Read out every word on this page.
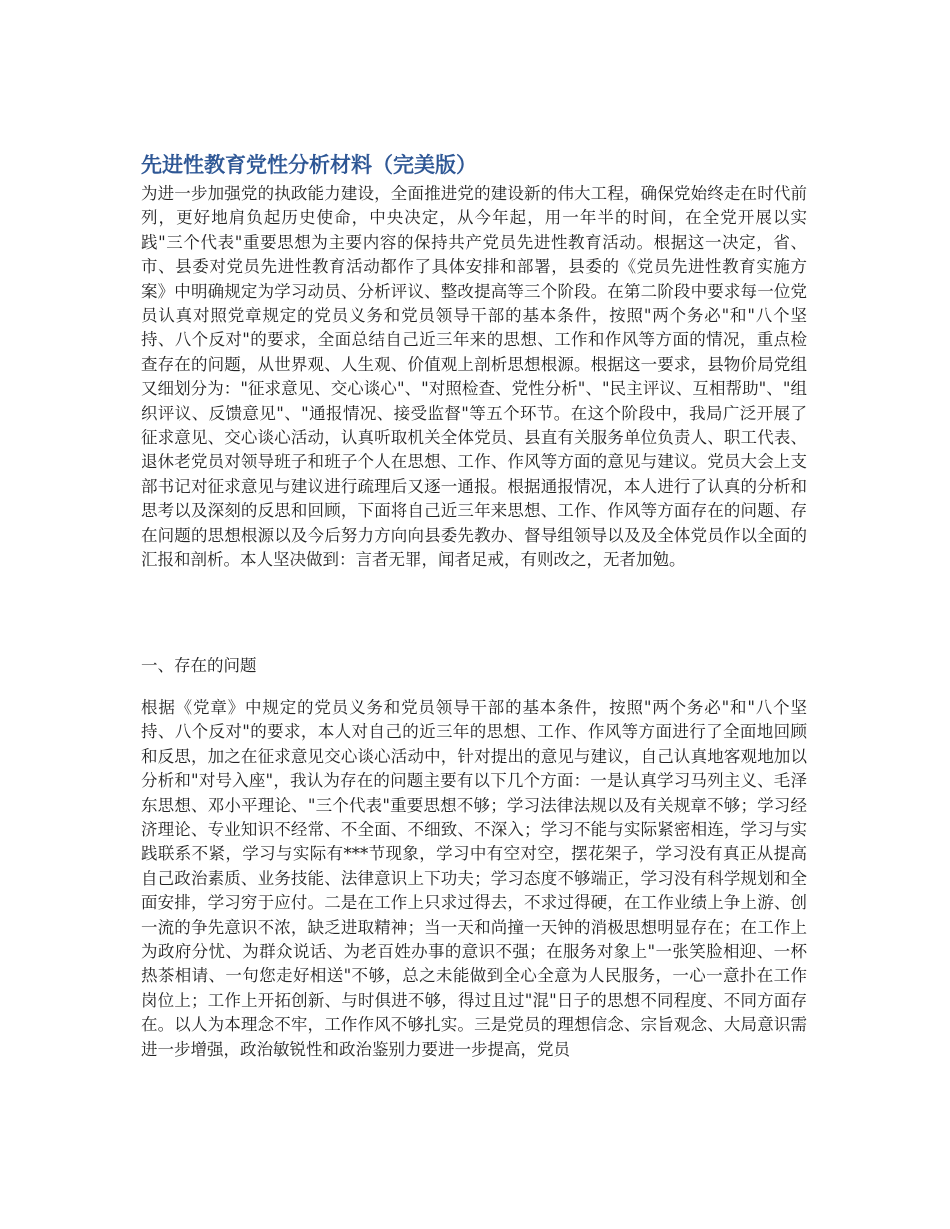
先进性教育党性分析材料（完美版）

为进一步加强党的执政能力建设，全面推进党的建设新的伟大工程，确保党始终走在时代前列，更好地肩负起历史使命，中央决定，从今年起，用一年半的时间，在全党开展以实践"三个代表"重要思想为主要内容的保持共产党员先进性教育活动。根据这一决定，省、市、县委对党员先进性教育活动都作了具体安排和部署，县委的《党员先进性教育实施方案》中明确规定为学习动员、分析评议、整改提高等三个阶段。在第二阶段中要求每一位党员认真对照党章规定的党员义务和党员领导干部的基本条件，按照"两个务必"和"八个坚持、八个反对"的要求，全面总结自己近三年来的思想、工作和作风等方面的情况，重点检查存在的问题，从世界观、人生观、价值观上剖析思想根源。根据这一要求，县物价局党组又细划分为："征求意见、交心谈心"、"对照检查、党性分析"、"民主评议、互相帮助"、"组织评议、反馈意见"、"通报情况、接受监督"等五个环节。在这个阶段中，我局广泛开展了征求意见、交心谈心活动，认真听取机关全体党员、县直有关服务单位负责人、职工代表、退休老党员对领导班子和班子个人在思想、工作、作风等方面的意见与建议。党员大会上支部书记对征求意见与建议进行疏理后又逐一通报。根据通报情况，本人进行了认真的分析和思考以及深刻的反思和回顾，下面将自己近三年来思想、工作、作风等方面存在的问题、存在问题的思想根源以及今后努力方向向县委先教办、督导组领导以及及全体党员作以全面的汇报和剖析。本人坚决做到：言者无罪，闻者足戒，有则改之，无者加勉。

一、存在的问题

根据《党章》中规定的党员义务和党员领导干部的基本条件，按照"两个务必"和"八个坚持、八个反对"的要求，本人对自己的近三年的思想、工作、作风等方面进行了全面地回顾和反思，加之在征求意见交心谈心活动中，针对提出的意见与建议，自己认真地客观地加以分析和"对号入座"，我认为存在的问题主要有以下几个方面：一是认真学习马列主义、毛泽东思想、邓小平理论、"三个代表"重要思想不够；学习法律法规以及有关规章不够；学习经济理论、专业知识不经常、不全面、不细致、不深入；学习不能与实际紧密相连，学习与实践联系不紧，学习与实际有***节现象，学习中有空对空，摆花架子，学习没有真正从提高自己政治素质、业务技能、法律意识上下功夫；学习态度不够端正，学习没有科学规划和全面安排，学习穷于应付。二是在工作上只求过得去，不求过得硬，在工作业绩上争上游、创一流的争先意识不浓，缺乏进取精神；当一天和尚撞一天钟的消极思想明显存在；在工作上为政府分忧、为群众说话、为老百姓办事的意识不强；在服务对象上"一张笑脸相迎、一杯热茶相请、一句您走好相送"不够，总之未能做到全心全意为人民服务，一心一意扑在工作岗位上；工作上开拓创新、与时俱进不够，得过且过"混"日子的思想不同程度、不同方面存在。以人为本理念不牢，工作作风不够扎实。三是党员的理想信念、宗旨观念、大局意识需进一步增强，政治敏锐性和政治鉴别力要进一步提高，党员
